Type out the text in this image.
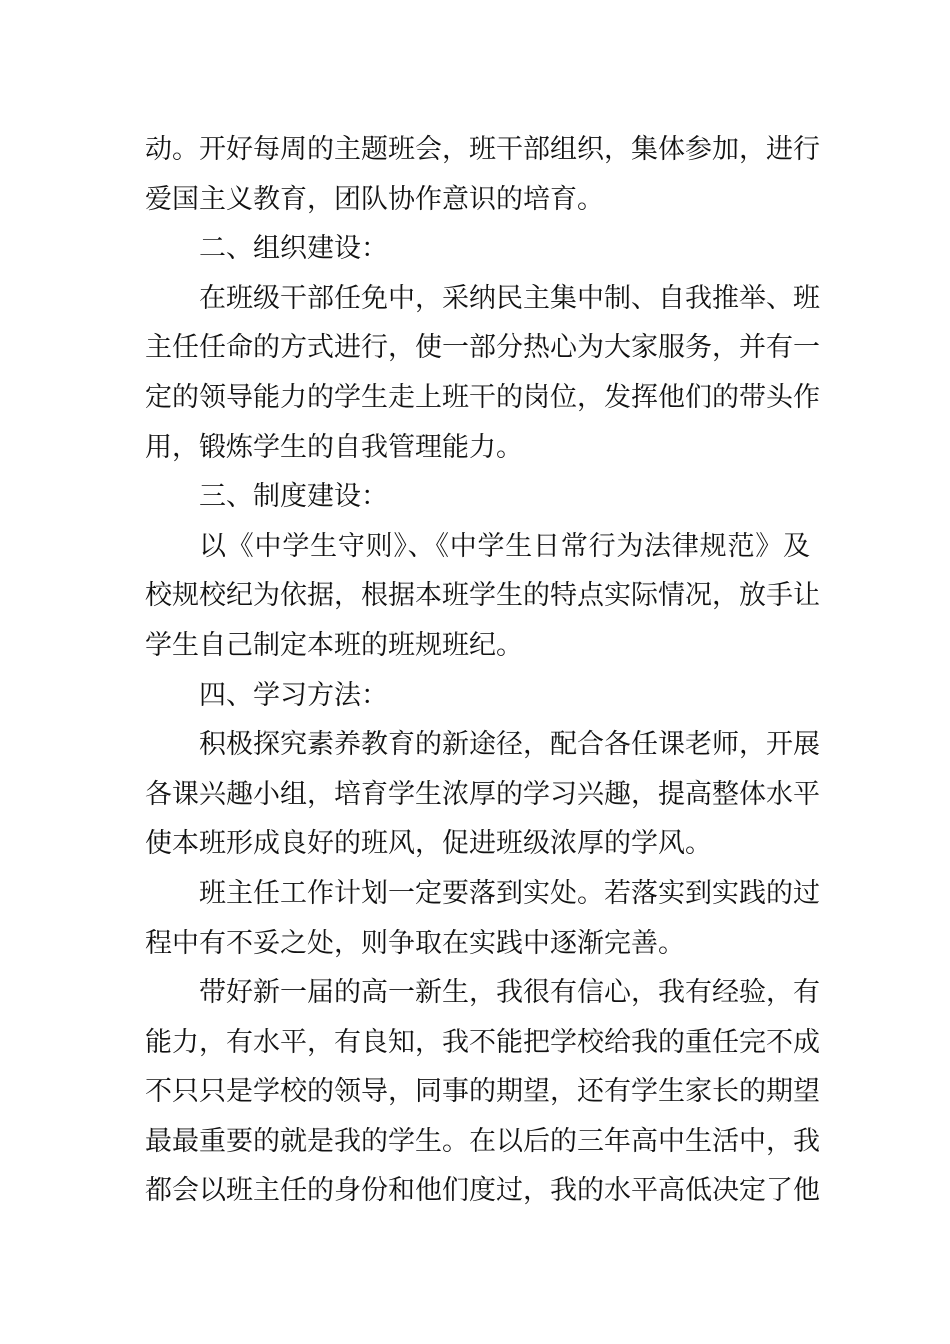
动。开好每周的主题班会，班干部组织，集体参加，进行
爱国主义教育，团队协作意识的培育。
二、组织建设：
在班级干部任免中，采纳民主集中制、自我推举、班
主任任命的方式进行，使一部分热心为大家服务，并有一
定的领导能力的学生走上班干的岗位，发挥他们的带头作
用，锻炼学生的自我管理能力。
三、制度建设：
以《中学生守则》、《中学生日常行为法律规范》及
校规校纪为依据，根据本班学生的特点实际情况，放手让
学生自己制定本班的班规班纪。
四、学习方法：
积极探究素养教育的新途径，配合各任课老师，开展
各课兴趣小组，培育学生浓厚的学习兴趣，提高整体水平
使本班形成良好的班风，促进班级浓厚的学风。
班主任工作计划一定要落到实处。若落实到实践的过
程中有不妥之处，则争取在实践中逐渐完善。
带好新一届的高一新生，我很有信心，我有经验，有
能力，有水平，有良知，我不能把学校给我的重任完不成
不只只是学校的领导，同事的期望，还有学生家长的期望
最最重要的就是我的学生。在以后的三年高中生活中，我
都会以班主任的身份和他们度过，我的水平高低决定了他
